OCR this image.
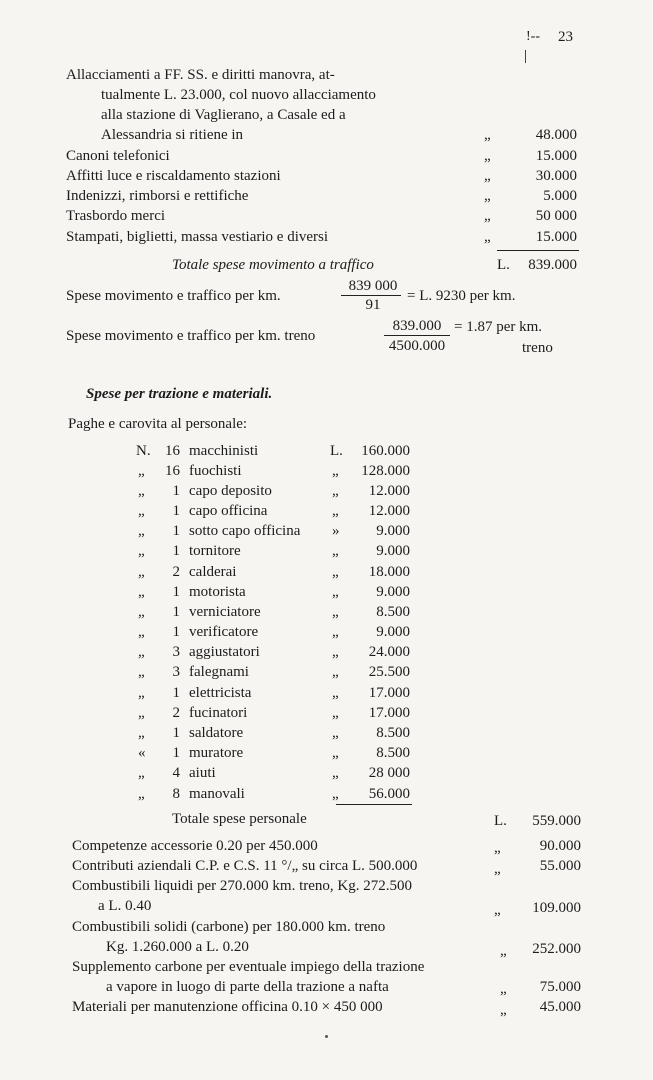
!-- 23
Allacciamenti a FF. SS. e diritti manovra, at-
tualmente L. 23.000, col nuovo allacciamento
alla stazione di Vaglierano, a Casale ed a
Alessandria si ritiene in	„	48.000
Canoni telefonici	„	15.000
Affitti luce e riscaldamento stazioni	„	30.000
Indenizzi, rimborsi e rettifiche	„	5.000
Trasbordo merci	„	50 000
Stampati, biglietti, massa vestiario e diversi	„	15.000
Totale spese movimento a traffico	L.	839.000
Spese movimento e traffico per km.
839 000
91
= L. 9230 per km.
Spese movimento e traffico per km. treno
839.000
4500.000
= 1.87 per km.
treno
Spese per trazione e materiali.
Paghe e carovita al personale:
N. 16 macchinisti	L.	160.000
„	16 fuochisti	„	128.000
„	1 capo deposito	„	12.000
„	1 capo officina	„	12.000
„	1 sotto capo officina »	9.000
„	1 tornitore	„	9.000
„	2 calderai	„	18.000
„	1 motorista	„	9.000
„	1 verniciatore	„	8.500
„	1 verificatore	„	9.000
„	3 aggiustatori	„	24.000
„	3 falegnami	„	25.500
„	1 elettricista	„	17.000
„	2 fucinatori	„	17.000
„	1 saldatore	„	8.500
«	1 muratore	„	8.500
„	4 aiuti	„	28 000
„	8 manovali	„	56.000
Totale spese personale	L.	559.000
Competenze accessorie 0.20 per 450.000	„	90.000
Contributi aziendali C.P. e C.S. 11 °/„ su circa L. 500.000	„	55.000
Combustibili liquidi per 270.000 km. treno, Kg. 272.500
a L. 0.40	„	109.000
Combustibili solidi (carbone) per 180.000 km. treno
Kg. 1.260.000 a L. 0.20	„	252.000
Supplemento carbone per eventuale impiego della trazione
a vapore in luogo di parte della trazione a nafta	„	75.000
Materiali per manutenzione officina 0.10 × 450 000	„	45.000
